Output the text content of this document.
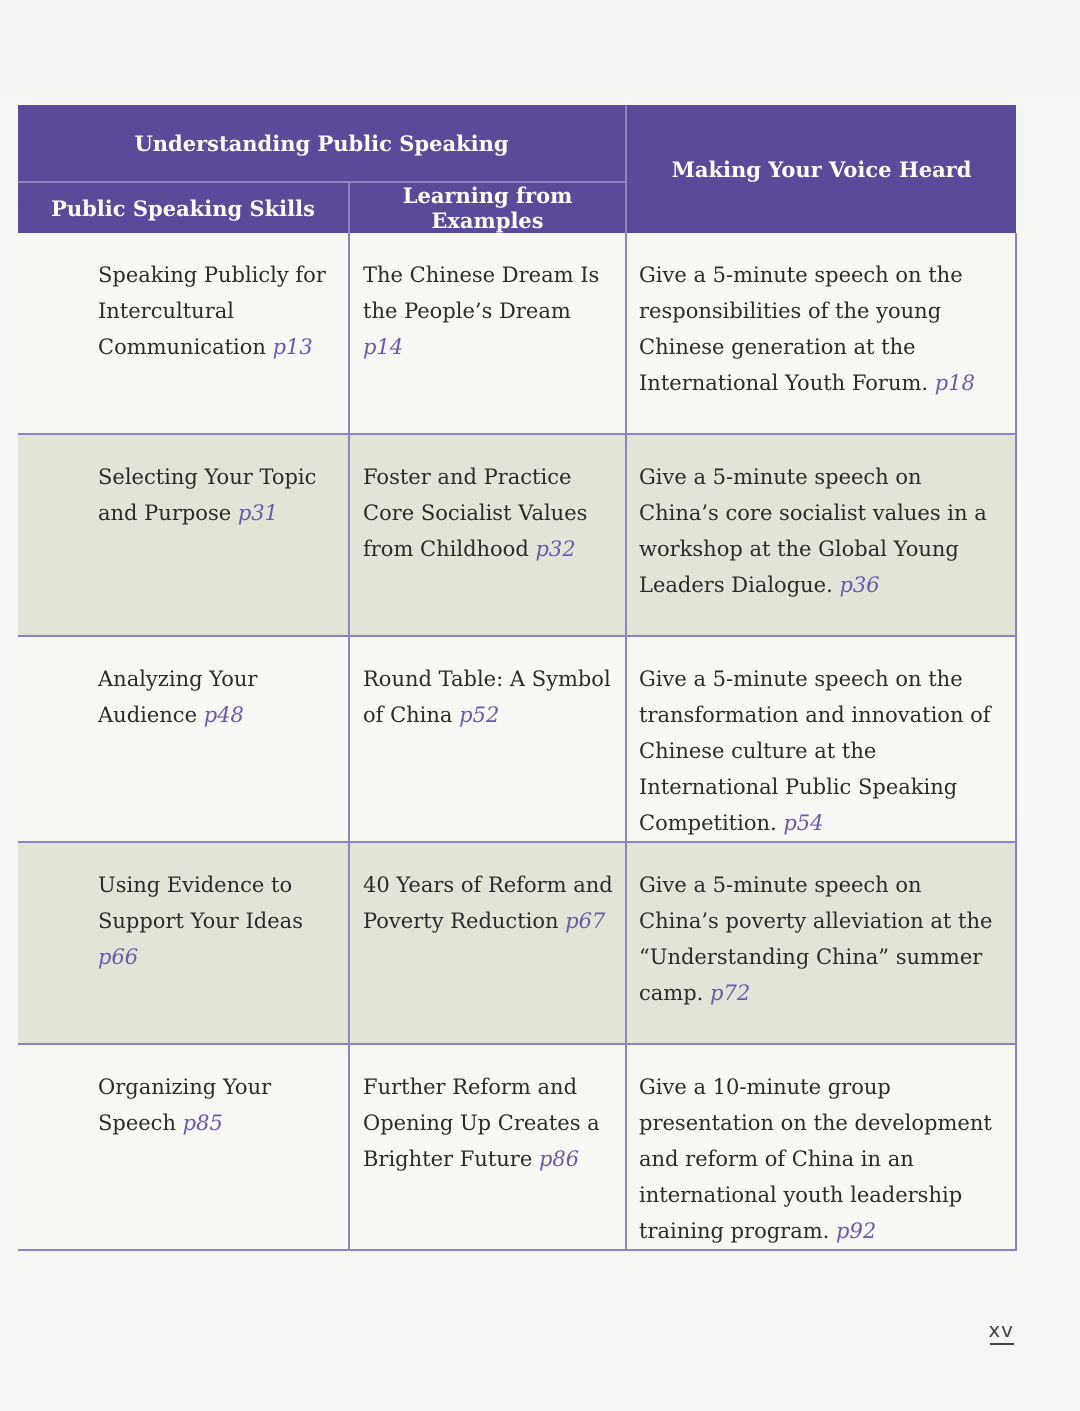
Understanding Public Speaking		Making Your Voice Heard
Public Speaking Skills	Learning from Examples	
Speaking Publicly for Intercultural Communication p13	The Chinese Dream Is the People’s Dream p14	Give a 5-minute speech on the responsibilities of the young Chinese generation at the International Youth Forum. p18
Selecting Your Topic and Purpose p31	Foster and Practice Core Socialist Values from Childhood p32	Give a 5-minute speech on China’s core socialist values in a workshop at the Global Young Leaders Dialogue. p36
Analyzing Your Audience p48	Round Table: A Symbol of China p52	Give a 5-minute speech on the transformation and innovation of Chinese culture at the International Public Speaking Competition. p54
Using Evidence to Support Your Ideas p66	40 Years of Reform and Poverty Reduction p67	Give a 5-minute speech on China’s poverty alleviation at the “Understanding China” summer camp. p72
Organizing Your Speech p85	Further Reform and Opening Up Creates a Brighter Future p86	Give a 10-minute group presentation on the development and reform of China in an international youth leadership training program. p92
xv
